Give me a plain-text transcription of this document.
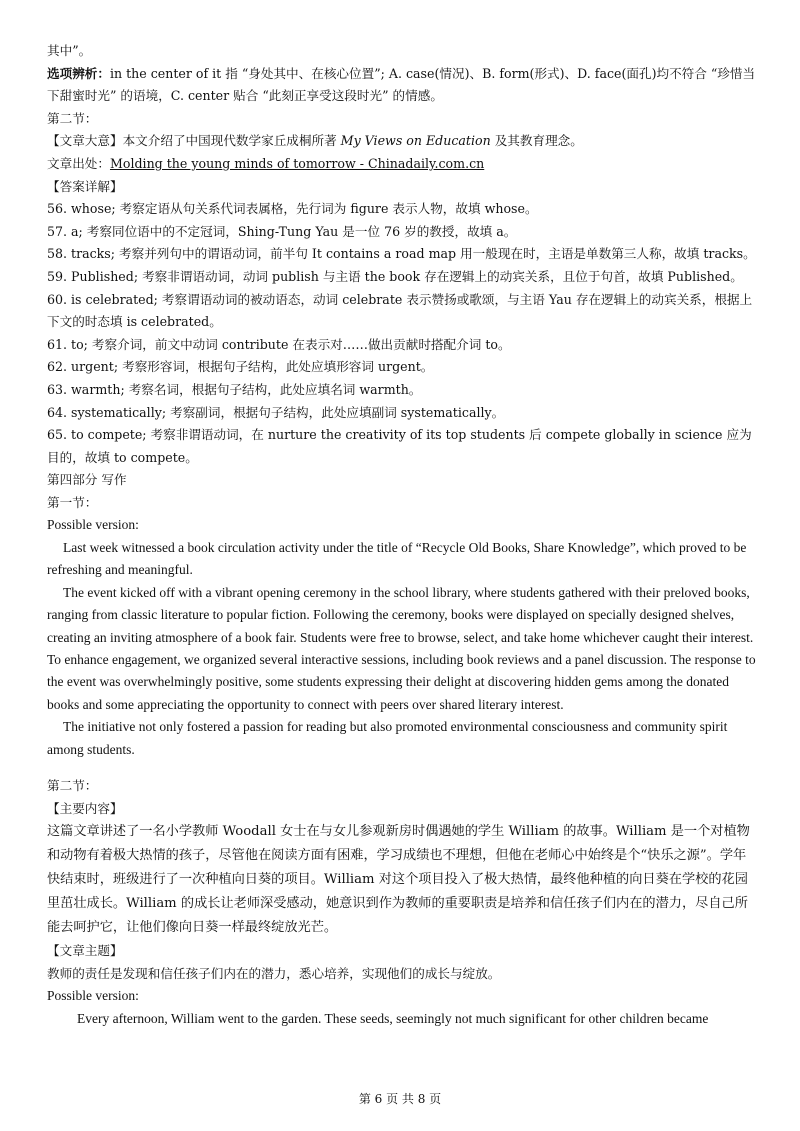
其中”。

选项辨析：in the center of it 指 “身处其中、在核心位置”; A. case(情况)、B. form(形式)、D. face(面孔)均不符合 “珍惜当下甜蜜时光” 的语境，C. center 贴合 “此刻正享受这段时光” 的情感。

第二节：

【文章大意】本文介绍了中国现代数学家丘成桐所著 My Views on Education 及其教育理念。

文章出处：Molding the young minds of tomorrow - Chinadaily.com.cn

【答案详解】

56. whose; 考察定语从句关系代词表属格，先行词为 figure 表示人物，故填 whose。

57. a; 考察同位语中的不定冠词，Shing-Tung Yau 是一位 76 岁的教授，故填 a。

58. tracks; 考察并列句中的谓语动词，前半句 It contains a road map 用一般现在时，主语是单数第三人称，故填 tracks。

59. Published; 考察非谓语动词，动词 publish 与主语 the book 存在逻辑上的动宾关系，且位于句首，故填 Published。

60. is celebrated; 考察谓语动词的被动语态，动词 celebrate 表示赞扬或歌颂，与主语 Yau 存在逻辑上的动宾关系，根据上下文的时态填 is celebrated。

61. to; 考察介词，前文中动词 contribute 在表示对……做出贡献时搭配介词 to。

62. urgent; 考察形容词，根据句子结构，此处应填形容词 urgent。

63. warmth; 考察名词，根据句子结构，此处应填名词 warmth。

64. systematically; 考察副词，根据句子结构，此处应填副词 systematically。

65. to compete; 考察非谓语动词，在 nurture the creativity of its top students 后 compete globally in science 应为目的，故填 to compete。

第四部分 写作

第一节：

Possible version:

Last week witnessed a book circulation activity under the title of “Recycle Old Books, Share Knowledge”, which proved to be refreshing and meaningful.

The event kicked off with a vibrant opening ceremony in the school library, where students gathered with their preloved books, ranging from classic literature to popular fiction. Following the ceremony, books were displayed on specially designed shelves, creating an inviting atmosphere of a book fair. Students were free to browse, select, and take home whichever caught their interest. To enhance engagement, we organized several interactive sessions, including book reviews and a panel discussion. The response to the event was overwhelmingly positive, some students expressing their delight at discovering hidden gems among the donated books and some appreciating the opportunity to connect with peers over shared literary interest.

The initiative not only fostered a passion for reading but also promoted environmental consciousness and community spirit among students.

第二节：

【主要内容】

这篇文章讲述了一名小学教师 Woodall 女士在与女儿参观新房时偶遇她的学生 William 的故事。William 是一个对植物和动物有着极大热情的孩子，尽管他在阅读方面有困难，学习成绩也不理想，但他在老师心中始终是个“快乐之源”。学年快结束时，班级进行了一次种植向日葵的项目。William 对这个项目投入了极大热情，最终他种植的向日葵在学校的花园里茁壮成长。William 的成长让老师深受感动，她意识到作为教师的重要职责是培养和信任孩子们内在的潜力，尽自己所能去呵护它，让他们像向日葵一样最终绽放光芒。

【文章主题】

教师的责任是发现和信任孩子们内在的潜力，悉心培养，实现他们的成长与绽放。

Possible version:

Every afternoon, William went to the garden. These seeds, seemingly not much significant for other children became

第 6 页 共 8 页
